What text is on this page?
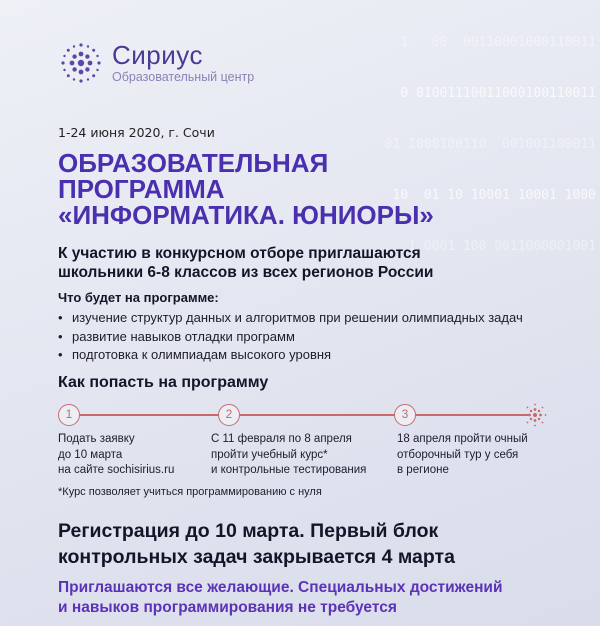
1   00  00110001000110011

0 01001110011000100110011

01 1000100110  001001100011

10  01 10 10001 10001 1000

1 0001 100 0011000001001

Сириус
Образовательный центр
1-24 июня 2020, г. Сочи
ОБРАЗОВАТЕЛЬНАЯ
ПРОГРАММА
«ИНФОРМАТИКА. ЮНИОРЫ»
К участию в конкурсном отборе приглашаются
школьники 6-8 классов из всех регионов России
Что будет на программе:
• изучение структур данных и алгоритмов при решении олимпиадных задач
• развитие навыков отладки программ
• подготовка к олимпиадам высокого уровня
Как попасть на программу
1	2	3
Подать заявку
до 10 марта
на сайте sochisirius.ru
С 11 февраля по 8 апреля
пройти учебный курс*
и контрольные тестирования
18 апреля пройти очный
отборочный тур у себя
в регионе
*Курс позволяет учиться программированию с нуля
Регистрация до 10 марта. Первый блок
контрольных задач закрывается 4 марта
Приглашаются все желающие. Специальных достижений
и навыков программирования не требуется
